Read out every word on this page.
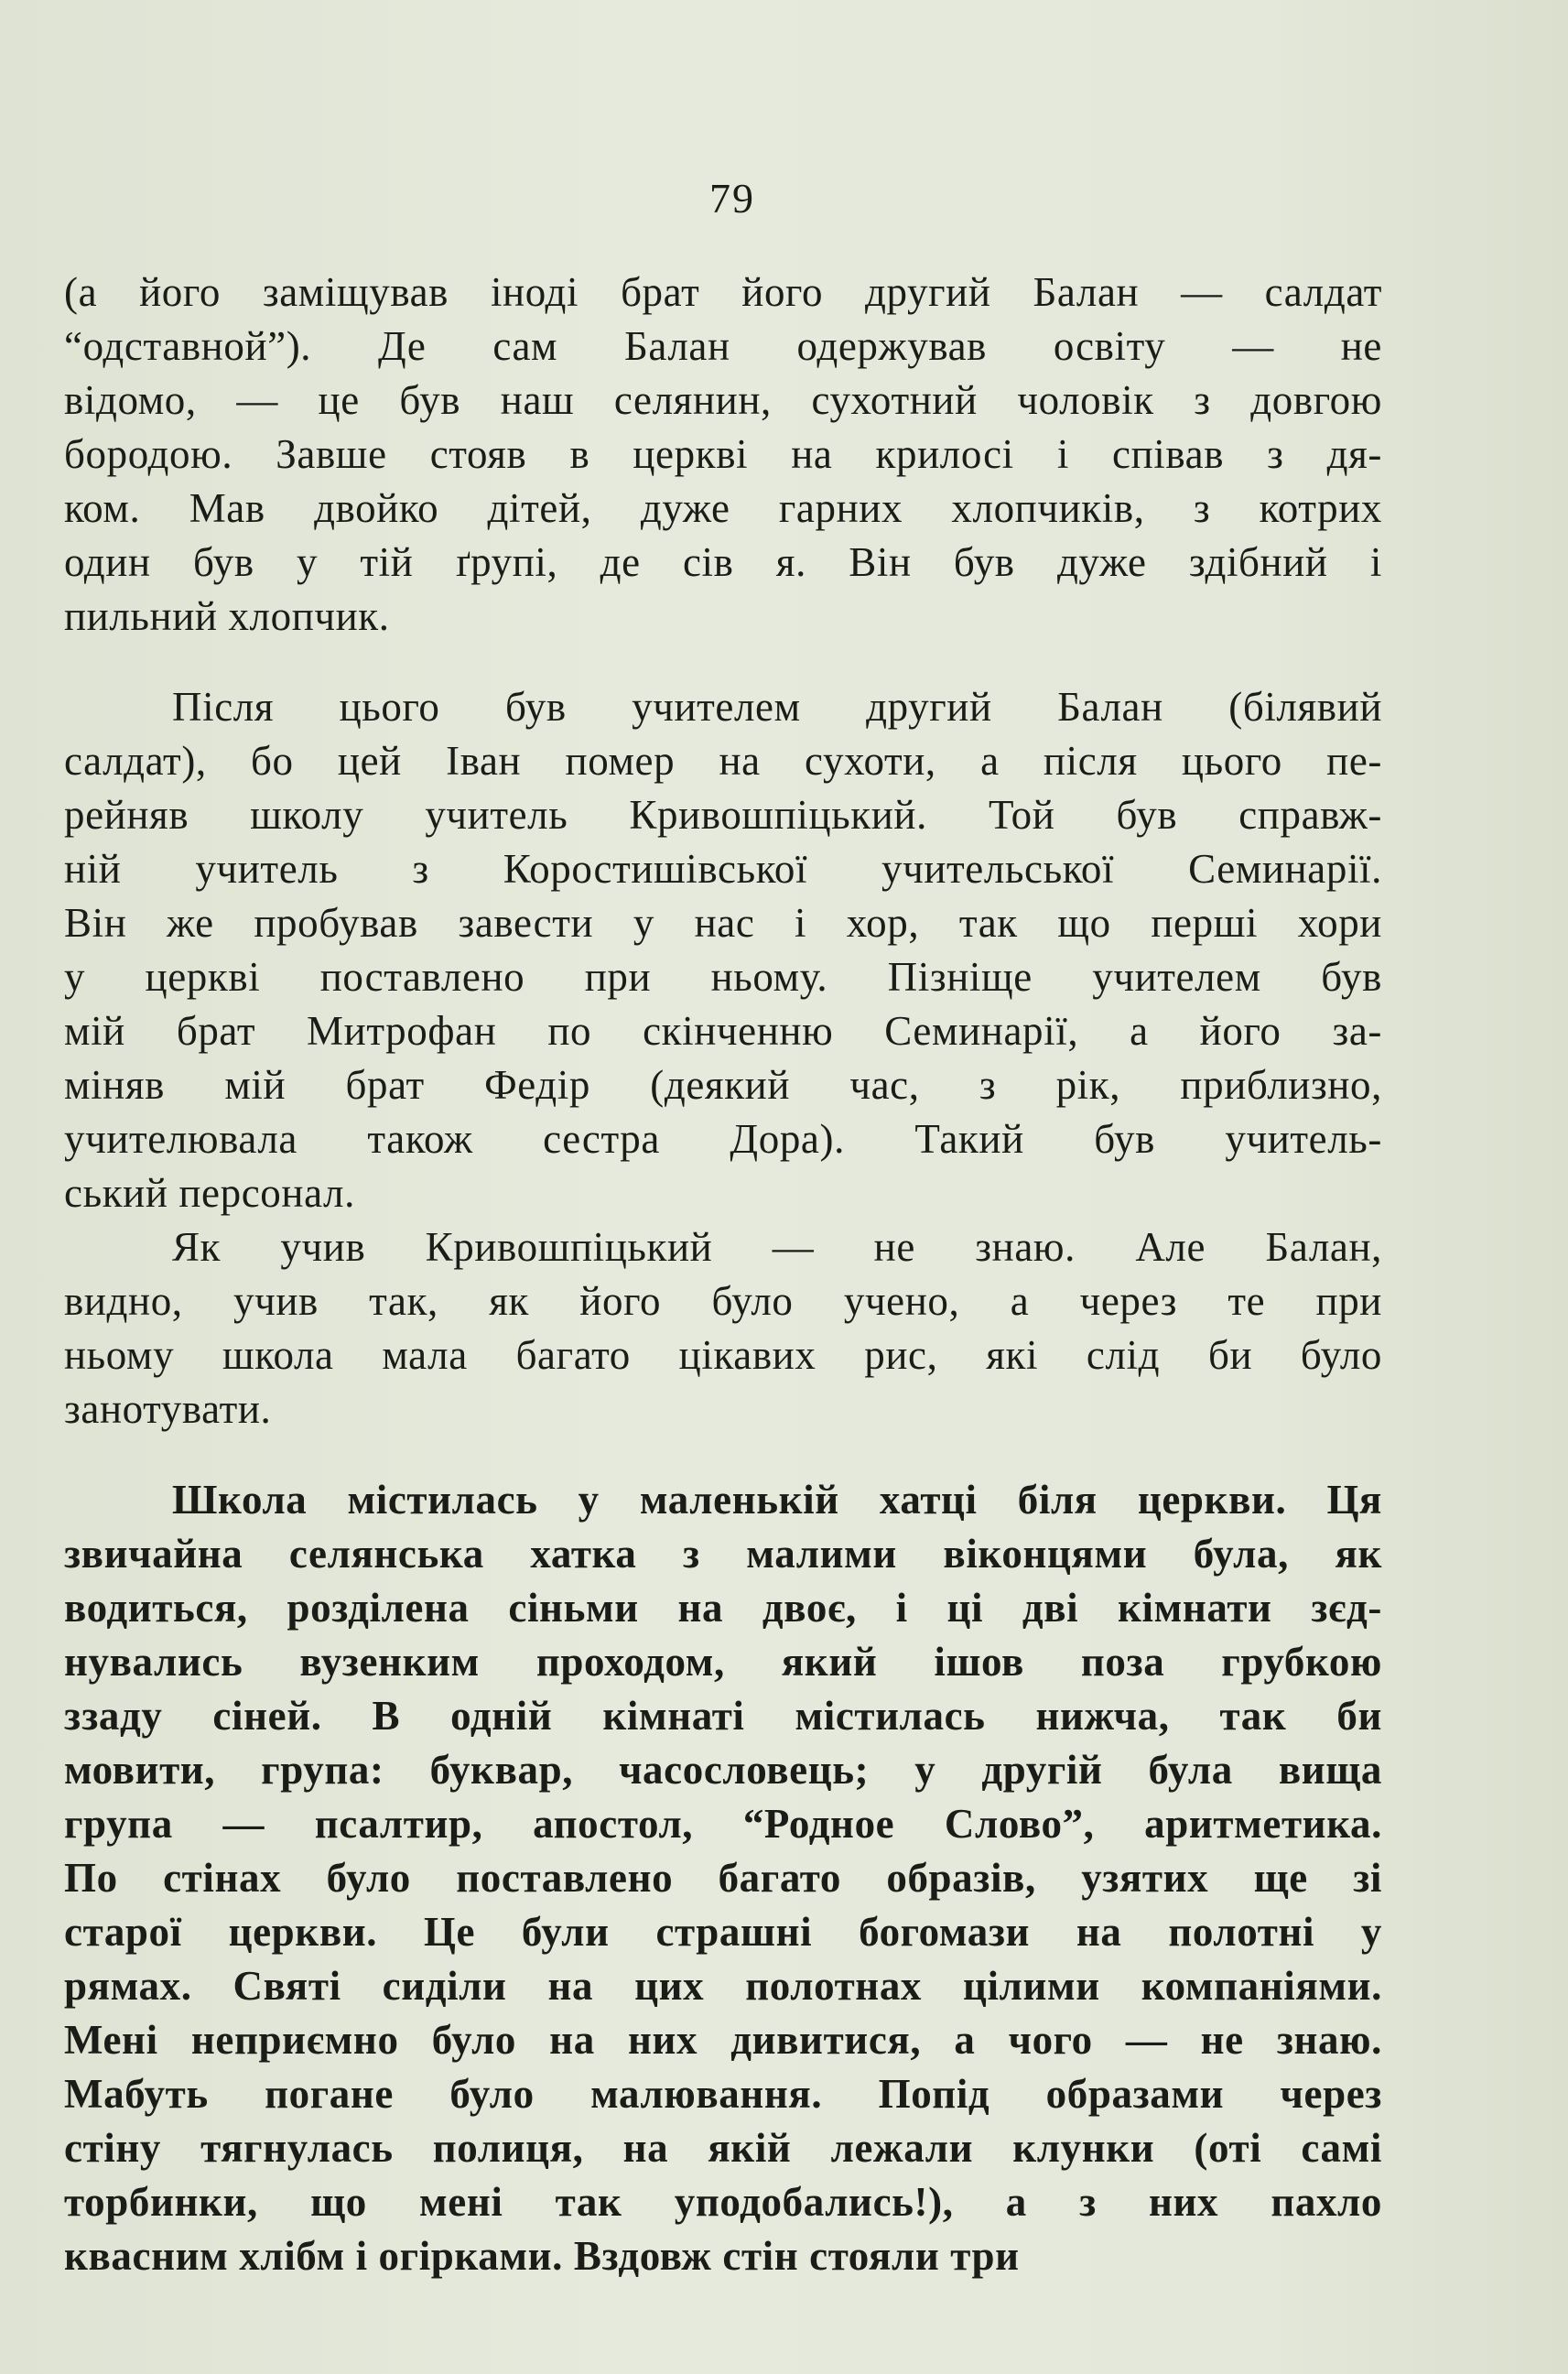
79
(а його заміщував іноді брат його другий Балан — салдат
“одставной”). Де сам Балан одержував освіту — не
відомо, — це був наш селянин, сухотний чоловік з довгою
бородою. Завше стояв в церкві на крилосі і співав з дя-
ком. Мав двойко дітей, дуже гарних хлопчиків, з котрих
один був у тій ґрупі, де сів я. Він був дуже здібний і
пильний хлопчик.
Після цього був учителем другий Балан (білявий
салдат), бо цей Іван помер на сухоти, а після цього пе-
рейняв школу учитель Кривошпіцький. Той був справж-
ній учитель з Коростишівської учительської Семинарії.
Він же пробував завести у нас і хор, так що перші хори
у церкві поставлено при ньому. Пізніще учителем був
мій брат Митрофан по скінченню Семинарії, а його за-
міняв мій брат Федір (деякий час, з рік, приблизно,
учителювала також сестра Дора). Такий був учитель-
ський персонал.
Як учив Кривошпіцький — не знаю. Але Балан,
видно, учив так, як його було учено, а через те при
ньому школа мала багато цікавих рис, які слід би було
занотувати.
Школа містилась у маленькій хатці біля церкви. Ця
звичайна селянська хатка з малими віконцями була, як
водиться, розділена сіньми на двоє, і ці дві кімнати зєд-
нувались вузенким проходом, який ішов поза грубкою
ззаду сіней. В одній кімнаті містилась нижча, так би
мовити, група: буквар, часословець; у другій була вища
група — псалтир, апостол, “Родное Слово”, аритметика.
По стінах було поставлено багато образів, узятих ще зі
старої церкви. Це були страшні богомази на полотні у
рямах. Святі сиділи на цих полотнах цілими компаніями.
Мені неприємно було на них дивитися, а чого — не знаю.
Мабуть погане було малювання. Попід образами через
стіну тягнулась полиця, на якій лежали клунки (оті самі
торбинки, що мені так уподобались!), а з них пахло
квасним хлібм і огірками. Вздовж стін стояли три
